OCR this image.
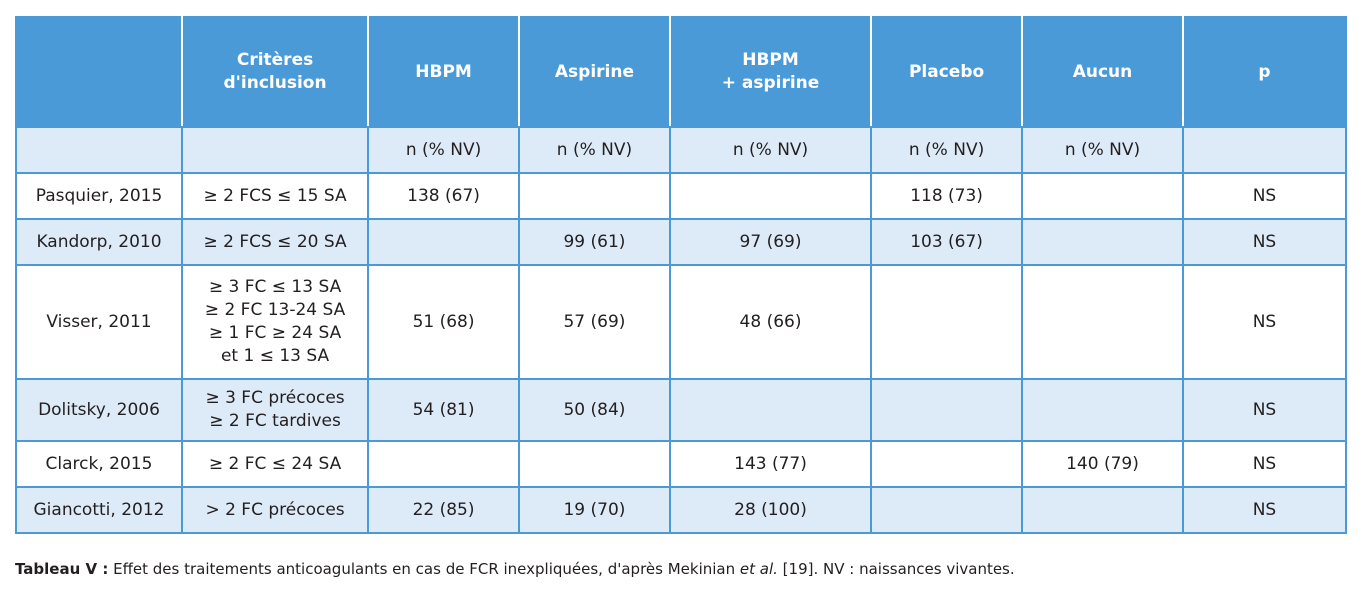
	Critères
d'inclusion	HBPM	Aspirine	HBPM
+ aspirine	Placebo	Aucun	p
		n (% NV)	n (% NV)	n (% NV)	n (% NV)	n (% NV)	
Pasquier, 2015	≥ 2 FCS ≤ 15 SA	138 (67)			118 (73)		NS
Kandorp, 2010	≥ 2 FCS ≤ 20 SA		99 (61)	97 (69)	103 (67)		NS
Visser, 2011	≥ 3 FC ≤ 13 SA
≥ 2 FC 13-24 SA
≥ 1 FC ≥ 24 SA
et 1 ≤ 13 SA	51 (68)	57 (69)	48 (66)			NS
Dolitsky, 2006	≥ 3 FC précoces
≥ 2 FC tardives	54 (81)	50 (84)				NS
Clarck, 2015	≥ 2 FC ≤ 24 SA			143 (77)		140 (79)	NS
Giancotti, 2012	> 2 FC précoces	22 (85)	19 (70)	28 (100)			NS
Tableau V : Effet des traitements anticoagulants en cas de FCR inexpliquées, d'après Mekinian et al. [19]. NV : naissances vivantes.
